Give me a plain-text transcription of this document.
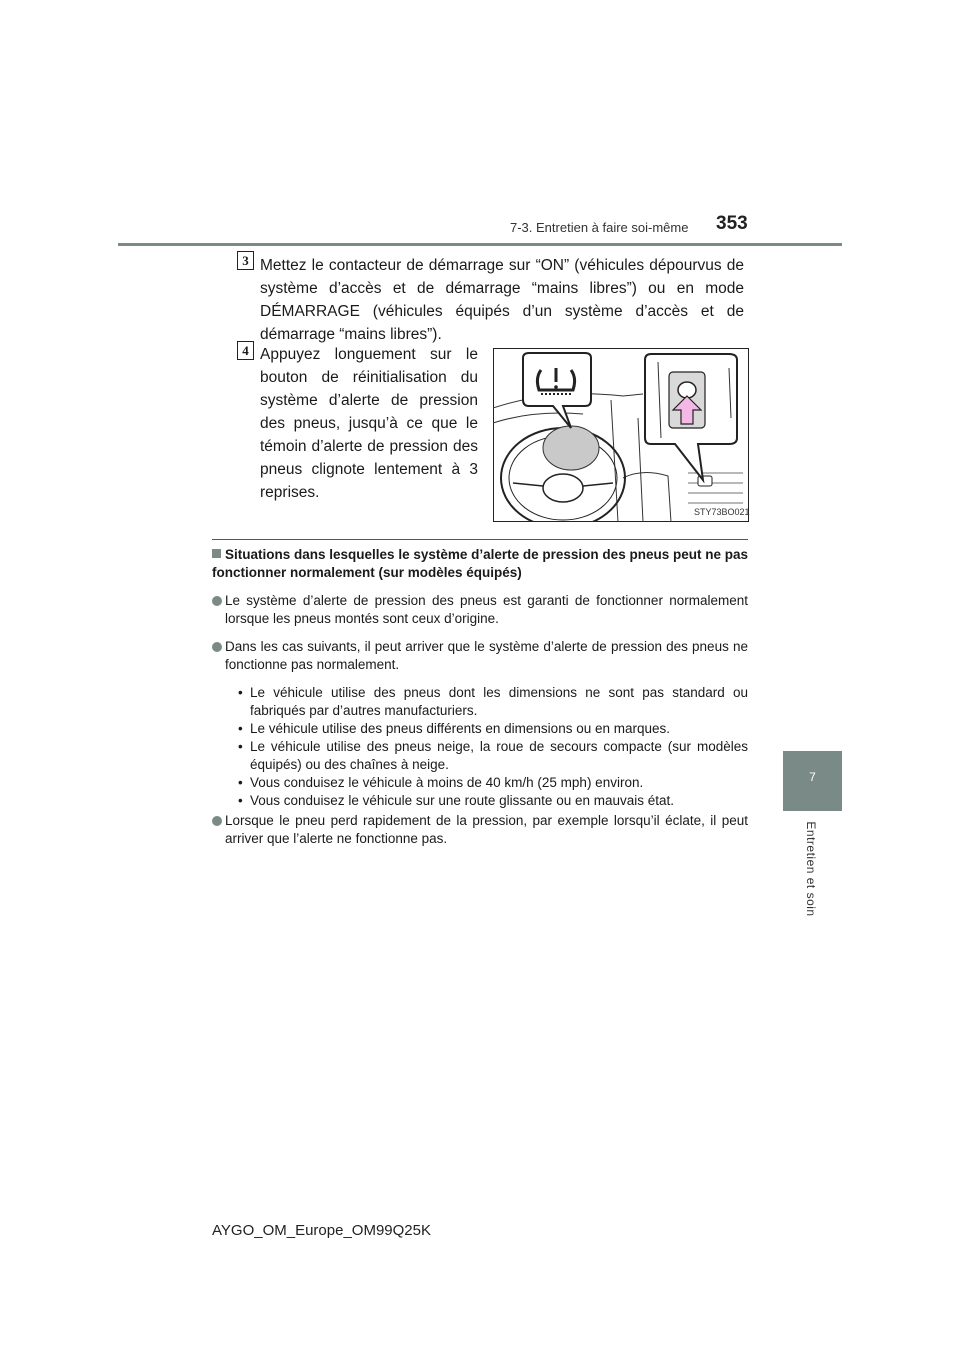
7-3. Entretien à faire soi-même 353
7
Entretien et soin
3 Mettez le contacteur de démarrage sur “ON” (véhicules dépourvus de système d’accès et de démarrage “mains libres”) ou en mode DÉMARRAGE (véhicules équipés d’un système d’accès et de démarrage “mains libres”).
4 Appuyez longuement sur le bouton de réinitialisation du système d’alerte de pression des pneus, jusqu’à ce que le témoin d’alerte de pression des pneus clignote lentement à 3 reprises.
STY73BO021
Situations dans lesquelles le système d’alerte de pression des pneus peut ne pas fonctionner normalement (sur modèles équipés)
Le système d’alerte de pression des pneus est garanti de fonctionner normalement lorsque les pneus montés sont ceux d’origine.
Dans les cas suivants, il peut arriver que le système d’alerte de pression des pneus ne fonctionne pas normalement.
• Le véhicule utilise des pneus dont les dimensions ne sont pas standard ou fabriqués par d’autres manufacturiers.
• Le véhicule utilise des pneus différents en dimensions ou en marques.
• Le véhicule utilise des pneus neige, la roue de secours compacte (sur modèles équipés) ou des chaînes à neige.
• Vous conduisez le véhicule à moins de 40 km/h (25 mph) environ.
• Vous conduisez le véhicule sur une route glissante ou en mauvais état.
Lorsque le pneu perd rapidement de la pression, par exemple lorsqu’il éclate, il peut arriver que l’alerte ne fonctionne pas.
AYGO_OM_Europe_OM99Q25K
